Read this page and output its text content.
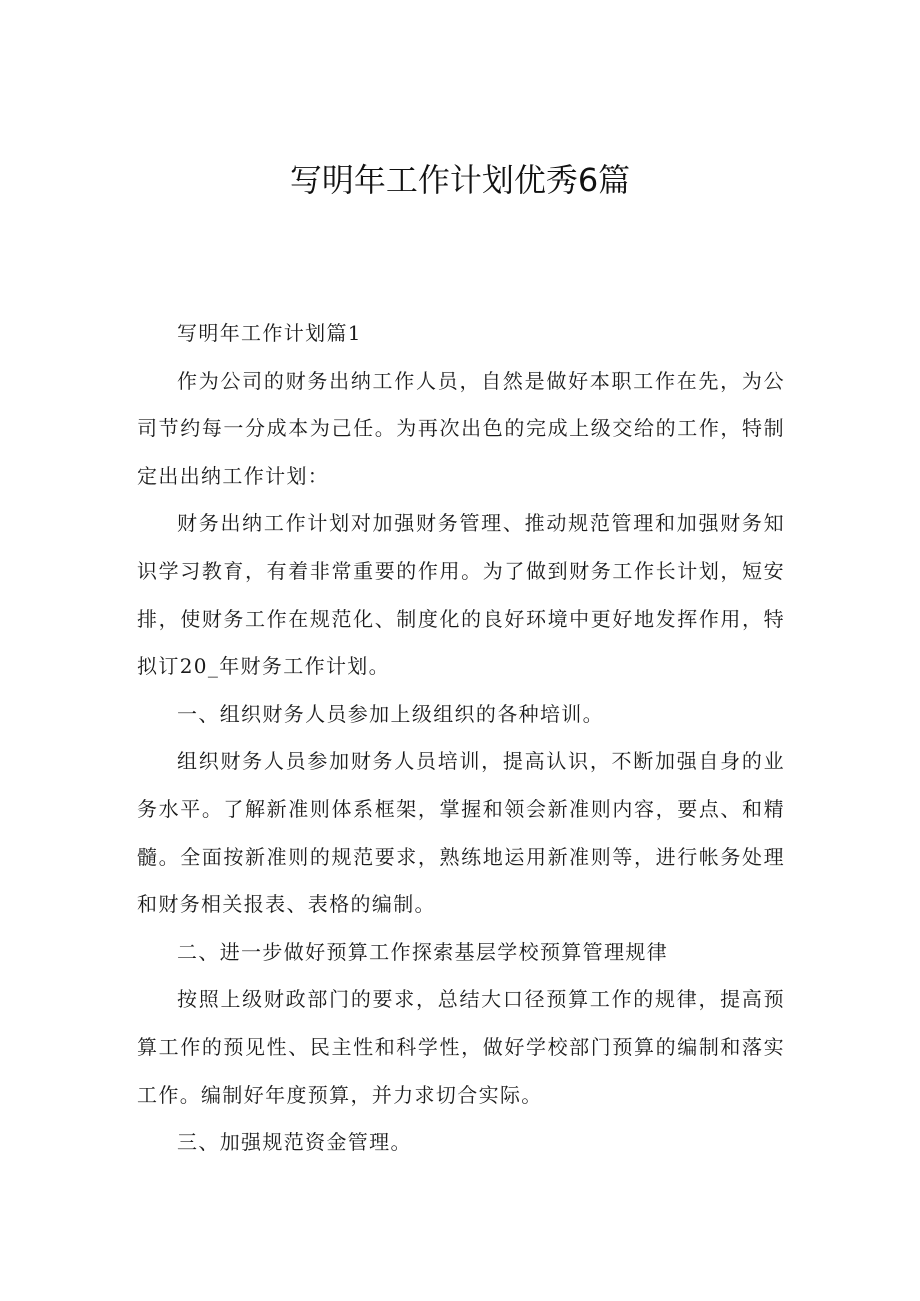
写明年工作计划优秀6篇

写明年工作计划篇1

作为公司的财务出纳工作人员，自然是做好本职工作在先，为公司节约每一分成本为己任。为再次出色的完成上级交给的工作，特制定出出纳工作计划：

财务出纳工作计划对加强财务管理、推动规范管理和加强财务知识学习教育，有着非常重要的作用。为了做到财务工作长计划，短安排，使财务工作在规范化、制度化的良好环境中更好地发挥作用，特拟订20_年财务工作计划。

一、组织财务人员参加上级组织的各种培训。

组织财务人员参加财务人员培训，提高认识，不断加强自身的业务水平。了解新准则体系框架，掌握和领会新准则内容，要点、和精髓。全面按新准则的规范要求，熟练地运用新准则等，进行帐务处理和财务相关报表、表格的编制。

二、进一步做好预算工作探索基层学校预算管理规律

按照上级财政部门的要求，总结大口径预算工作的规律，提高预算工作的预见性、民主性和科学性，做好学校部门预算的编制和落实工作。编制好年度预算，并力求切合实际。

三、加强规范资金管理。
